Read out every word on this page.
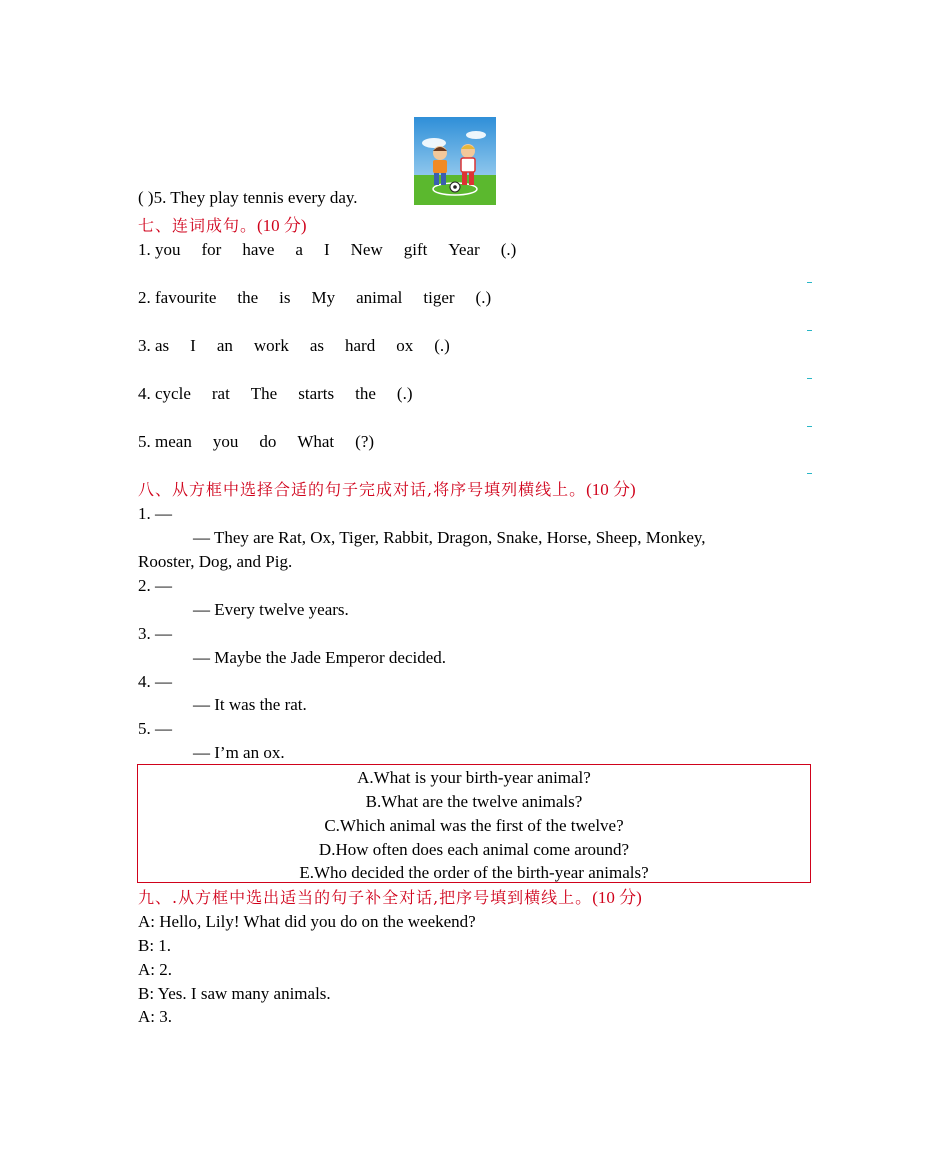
( )5. They play tennis every day.
七、连词成句。(10 分)
1. you for have a I New gift Year (.)
2. favourite the is My animal tiger (.)
3. as I an work as hard ox (.)
4. cycle rat The starts the (.)
5. mean you do What (?)
八、从方框中选择合适的句子完成对话,将序号填列横线上。(10 分)
1. —
— They are Rat, Ox, Tiger, Rabbit, Dragon, Snake, Horse, Sheep, Monkey,
Rooster, Dog, and Pig.
2. —
— Every twelve years.
3. —
— Maybe the Jade Emperor decided.
4. —
— It was the rat.
5. —
— I’m an ox.
A.What is your birth-year animal?
B.What are the twelve animals?
C.Which animal was the first of the twelve?
D.How often does each animal come around?
E.Who decided the order of the birth-year animals?
九、.从方框中选出适当的句子补全对话,把序号填到横线上。(10 分)
A: Hello, Lily! What did you do on the weekend?
B: 1.
A: 2.
B: Yes. I saw many animals.
A: 3.
